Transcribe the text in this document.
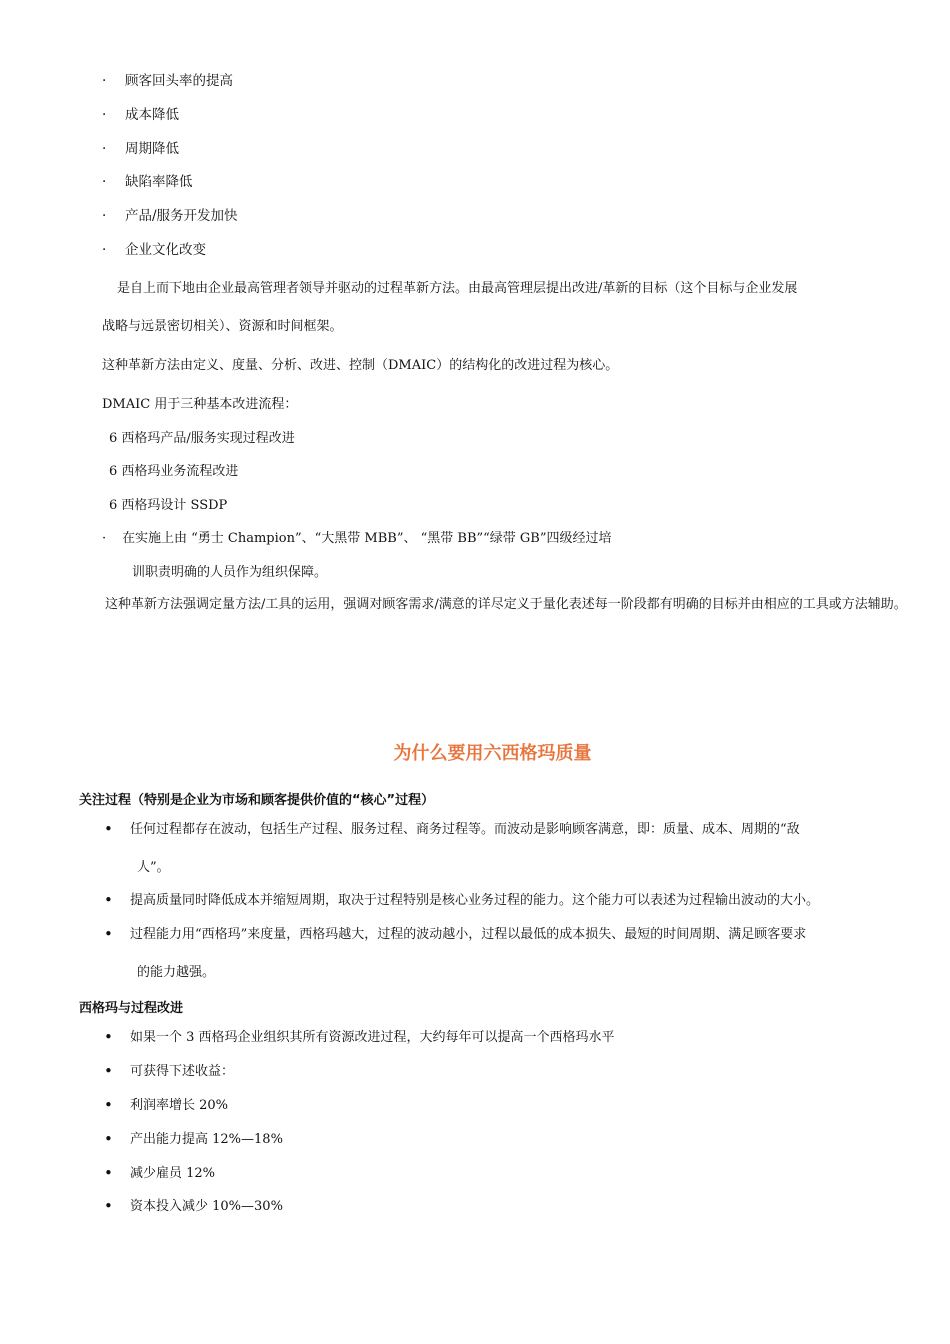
· 顾客回头率的提高
· 成本降低
· 周期降低
· 缺陷率降低
· 产品/服务开发加快
· 企业文化改变
是自上而下地由企业最高管理者领导并驱动的过程革新方法。由最高管理层提出改进/革新的目标（这个目标与企业发展
战略与远景密切相关）、资源和时间框架。
这种革新方法由定义、度量、分析、改进、控制（DMAIC）的结构化的改进过程为核心。
DMAIC 用于三种基本改进流程：
6 西格玛产品/服务实现过程改进
6 西格玛业务流程改进
6 西格玛设计 SSDP
· 在实施上由 “勇士 Champion”、“大黑带 MBB”、 “黑带 BB”“绿带 GB”四级经过培
训职责明确的人员作为组织保障。
这种革新方法强调定量方法/工具的运用，强调对顾客需求/满意的详尽定义于量化表述每一阶段都有明确的目标并由相应的工具或方法辅助。
为什么要用六西格玛质量
关注过程（特别是企业为市场和顾客提供价值的“核心”过程）
• 任何过程都存在波动，包括生产过程、服务过程、商务过程等。而波动是影响顾客满意，即：质量、成本、周期的“敌
人”。
• 提高质量同时降低成本并缩短周期，取决于过程特别是核心业务过程的能力。这个能力可以表述为过程输出波动的大小。
• 过程能力用“西格玛”来度量，西格玛越大，过程的波动越小，过程以最低的成本损失、最短的时间周期、满足顾客要求
的能力越强。
西格玛与过程改进
• 如果一个 3 西格玛企业组织其所有资源改进过程，大约每年可以提高一个西格玛水平
• 可获得下述收益：
• 利润率增长 20%
• 产出能力提高 12%—18%
• 减少雇员 12%
• 资本投入减少 10%—30%
